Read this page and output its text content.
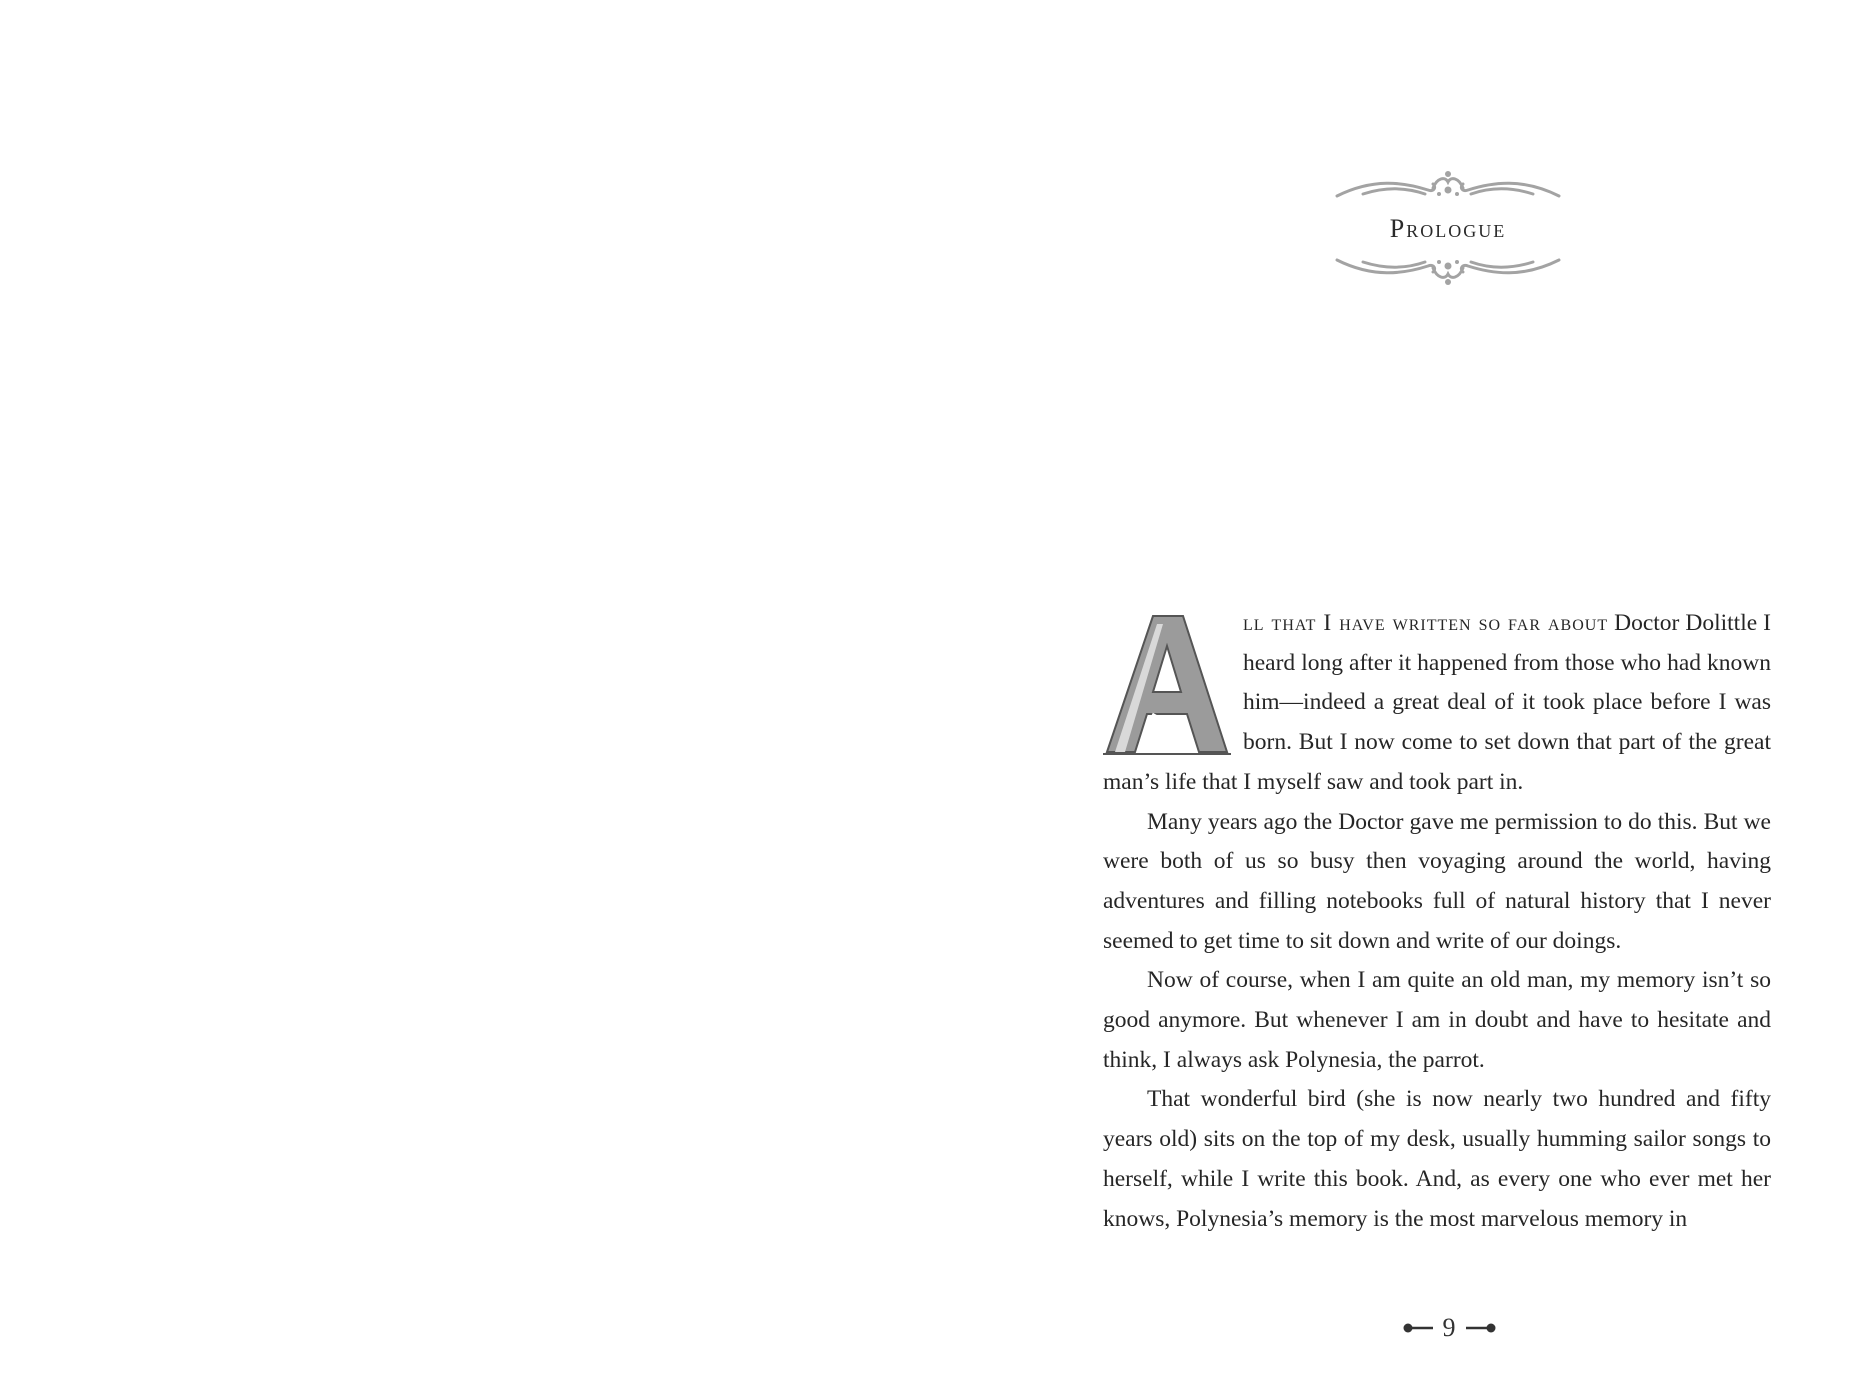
Prologue

ll that I have written so far about Doctor Dolittle I heard long after it happened from those who had known him—indeed a great deal of it took place before I was born. But I now come to set down that part of the great man’s life that I myself saw and took part in.

Many years ago the Doctor gave me permission to do this. But we were both of us so busy then voyaging around the world, having adventures and filling notebooks full of natural history that I never seemed to get time to sit down and write of our doings.

Now of course, when I am quite an old man, my memory isn’t so good anymore. But whenever I am in doubt and have to hesitate and think, I always ask Polynesia, the parrot.

That wonderful bird (she is now nearly two hundred and fifty years old) sits on the top of my desk, usually humming sailor songs to herself, while I write this book. And, as every one who ever met her knows, Polynesia’s memory is the most marvelous memory in

9
